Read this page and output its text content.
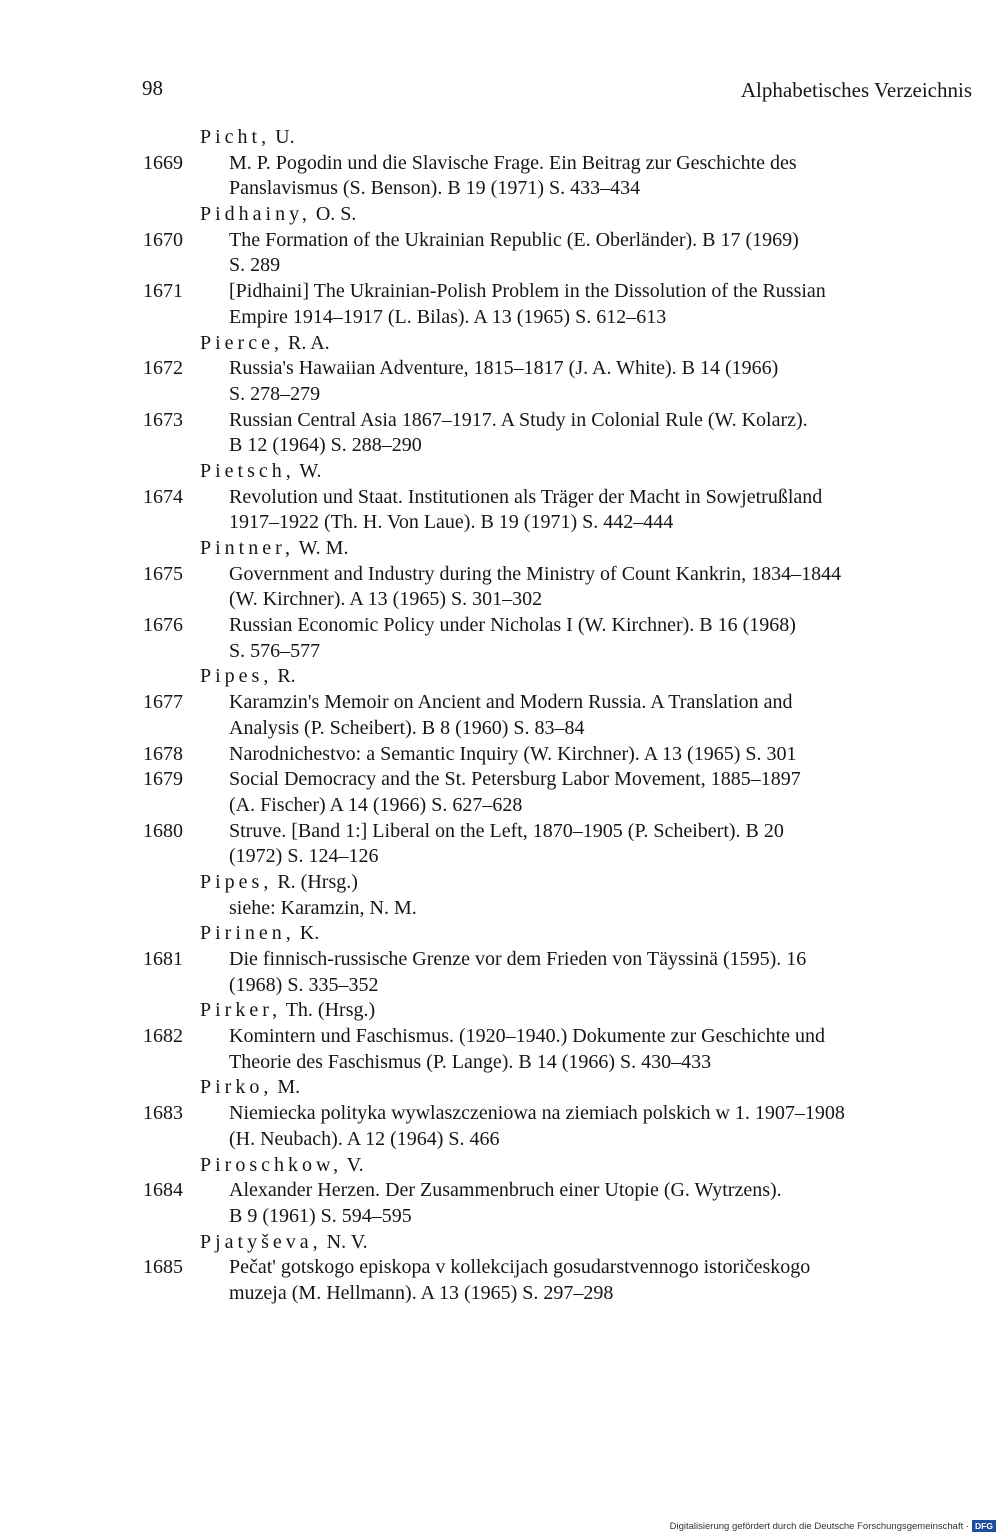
98	Alphabetisches Verzeichnis
Picht, U.
1669 M. P. Pogodin und die Slavische Frage. Ein Beitrag zur Geschichte des
Panslavismus (S. Benson). B 19 (1971) S. 433–434
Pidhainy, O. S.
1670 The Formation of the Ukrainian Republic (E. Oberländer). B 17 (1969)
S. 289
1671 [Pidhaini] The Ukrainian-Polish Problem in the Dissolution of the Russian
Empire 1914–1917 (L. Bilas). A 13 (1965) S. 612–613
Pierce, R. A.
1672 Russia's Hawaiian Adventure, 1815–1817 (J. A. White). B 14 (1966)
S. 278–279
1673 Russian Central Asia 1867–1917. A Study in Colonial Rule (W. Kolarz).
B 12 (1964) S. 288–290
Pietsch, W.
1674 Revolution und Staat. Institutionen als Träger der Macht in Sowjetrußland
1917–1922 (Th. H. Von Laue). B 19 (1971) S. 442–444
Pintner, W. M.
1675 Government and Industry during the Ministry of Count Kankrin, 1834–1844
(W. Kirchner). A 13 (1965) S. 301–302
1676 Russian Economic Policy under Nicholas I (W. Kirchner). B 16 (1968)
S. 576–577
Pipes, R.
1677 Karamzin's Memoir on Ancient and Modern Russia. A Translation and
Analysis (P. Scheibert). B 8 (1960) S. 83–84
1678 Narodnichestvo: a Semantic Inquiry (W. Kirchner). A 13 (1965) S. 301
1679 Social Democracy and the St. Petersburg Labor Movement, 1885–1897
(A. Fischer) A 14 (1966) S. 627–628
1680 Struve. [Band 1:] Liberal on the Left, 1870–1905 (P. Scheibert). B 20
(1972) S. 124–126
Pipes, R. (Hrsg.)
siehe: Karamzin, N. M.
Pirinen, K.
1681 Die finnisch-russische Grenze vor dem Frieden von Täyssinä (1595). 16
(1968) S. 335–352
Pirker, Th. (Hrsg.)
1682 Komintern und Faschismus. (1920–1940.) Dokumente zur Geschichte und
Theorie des Faschismus (P. Lange). B 14 (1966) S. 430–433
Pirko, M.
1683 Niemiecka polityka wywlaszczeniowa na ziemiach polskich w 1. 1907–1908
(H. Neubach). A 12 (1964) S. 466
Piroschkow, V.
1684 Alexander Herzen. Der Zusammenbruch einer Utopie (G. Wytrzens).
B 9 (1961) S. 594–595
Pjatyševa, N. V.
1685 Pečat' gotskogo episkopa v kollekcijach gosudarstvennogo istoričeskogo
muzeja (M. Hellmann). A 13 (1965) S. 297–298
Digitalisierung gefördert durch die Deutsche Forschungsgemeinschaft · DFG
